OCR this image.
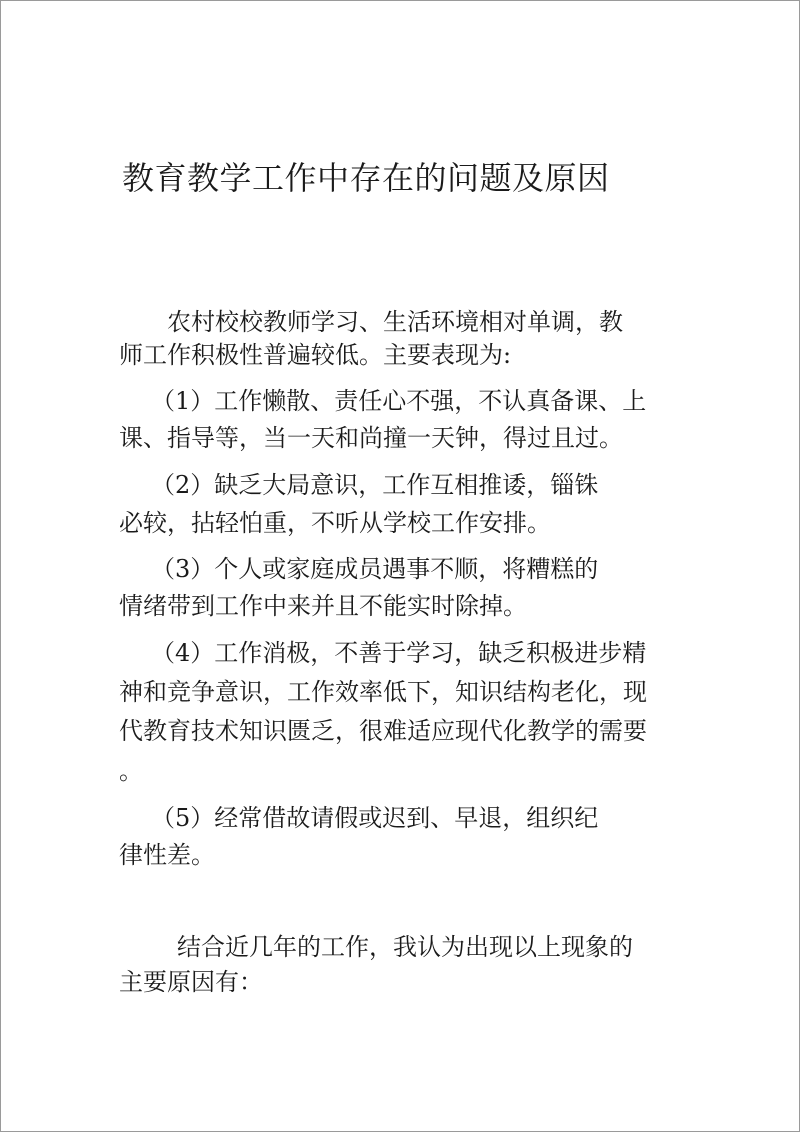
教育教学工作中存在的问题及原因
农村校校教师学习、生活环境相对单调，教
师工作积极性普遍较低。主要表现为:
（1）工作懒散、责任心不强，不认真备课、上
课、指导等，当一天和尚撞一天钟，得过且过。
（2）缺乏大局意识，工作互相推诿，锱铢
必较，拈轻怕重，不听从学校工作安排。
（3）个人或家庭成员遇事不顺，将糟糕的
情绪带到工作中来并且不能实时除掉。
（4）工作消极，不善于学习，缺乏积极进步精
神和竞争意识，工作效率低下，知识结构老化，现
代教育技术知识匮乏，很难适应现代化教学的需要
。
（5）经常借故请假或迟到、早退，组织纪
律性差。
结合近几年的工作，我认为出现以上现象的
主要原因有：
